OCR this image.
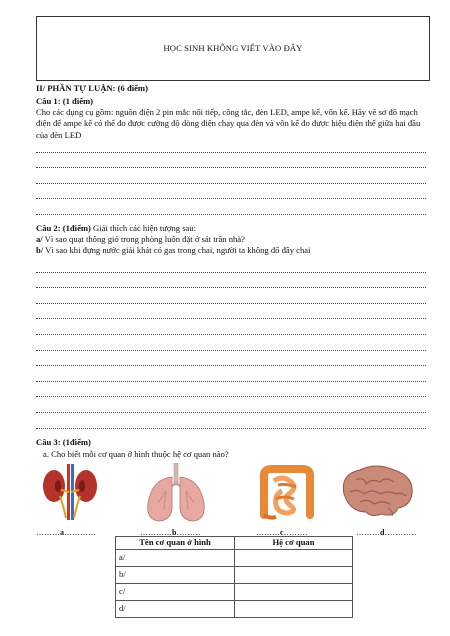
HỌC SINH KHÔNG VIẾT VÀO ĐÂY
II/ PHẦN TỰ LUẬN: (6 điểm)
Câu 1: (1 điểm)
Cho các dụng cụ gồm: nguồn điện 2 pin mắc nối tiếp, công tắc, đèn LED, ampe kế, vôn kế. Hãy vẽ sơ đồ mạch điện để ampe kế có thể đo được cường độ dòng điện chạy qua đèn và vôn kế đo được hiệu điện thế giữa hai đầu của đèn LED
Câu 2: (1điểm) Giải thích các hiện tượng sau:
a/ Vì sao quạt thông gió trong phòng luôn đặt ở sát trần nhà?
b/ Vì sao khi đựng nước giải khát có gas trong chai, người ta không đổ đầy chai
Câu 3: (1điểm)
a. Cho biết mỗi cơ quan ở hình thuộc hệ cơ quan nào?
………a…………	…………b………	………c………	………d…………
Tên cơ quan ở hình	Hệ cơ quan
a/	
b/	
c/	
d/	
